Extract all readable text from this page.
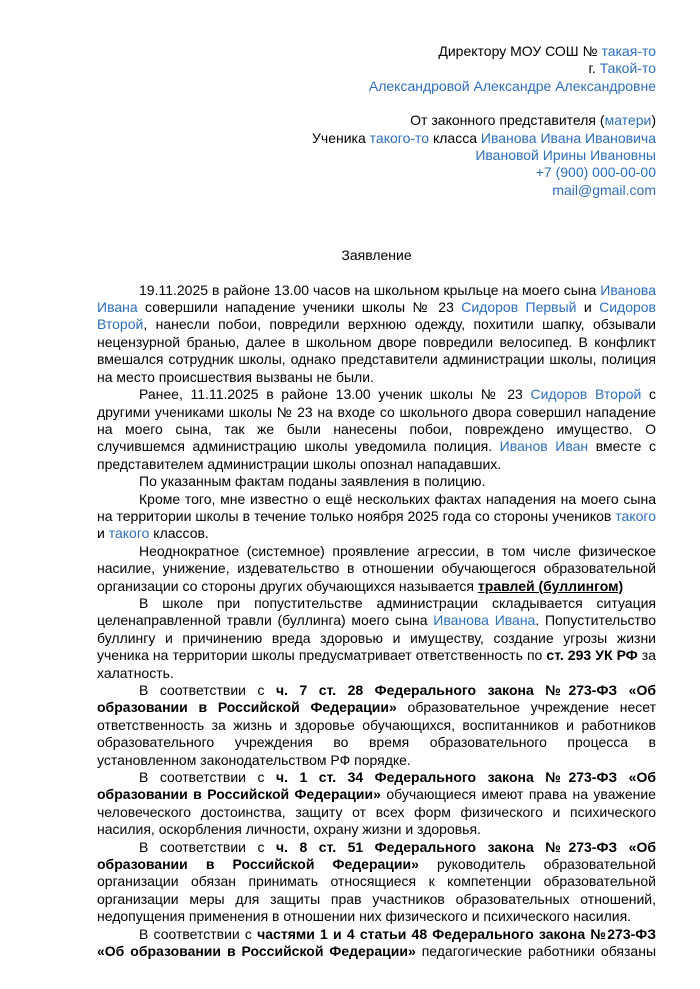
Директору МОУ СОШ № такая-то
г. Такой-то
Александровой Александре Александровне
От законного представителя (матери)
Ученика такого-то класса Иванова Ивана Ивановича
Ивановой Ирины Ивановны
+7 (900) 000-00-00
mail@gmail.com
Заявление

19.11.2025 в районе 13.00 часов на школьном крыльце на моего сына Иванова Ивана совершили нападение ученики школы № 23 Сидоров Первый и Сидоров Второй, нанесли побои, повредили верхнюю одежду, похитили шапку, обзывали нецензурной бранью, далее в школьном дворе повредили велосипед. В конфликт вмешался сотрудник школы, однако представители администрации школы, полиция на место происшествия вызваны не были.

Ранее, 11.11.2025 в районе 13.00 ученик школы № 23 Сидоров Второй с другими учениками школы № 23 на входе со школьного двора совершил нападение на моего сына, так же были нанесены побои, повреждено имущество. О случившемся администрацию школы уведомила полиция. Иванов Иван вместе с представителем администрации школы опознал нападавших.

По указанным фактам поданы заявления в полицию.

Кроме того, мне известно о ещё нескольких фактах нападения на моего сына на территории школы в течение только ноября 2025 года со стороны учеников такого и такого классов.

Неоднократное (системное) проявление агрессии, в том числе физическое насилие, унижение, издевательство в отношении обучающегося образовательной организации со стороны других обучающихся называется травлей (буллингом)

В школе при попустительстве администрации складывается ситуация целенаправленной травли (буллинга) моего сына Иванова Ивана. Попустительство буллингу и причинению вреда здоровью и имуществу, создание угрозы жизни ученика на территории школы предусматривает ответственность по ст. 293 УК РФ за халатность.

В соответствии с ч. 7 ст. 28 Федерального закона №273-ФЗ «Об образовании в Российской Федерации» образовательное учреждение несет ответственность за жизнь и здоровье обучающихся, воспитанников и работников образовательного учреждения во время образовательного процесса в установленном законодательством РФ порядке.

В соответствии с ч. 1 ст. 34 Федерального закона №273-ФЗ «Об образовании в Российской Федерации» обучающиеся имеют права на уважение человеческого достоинства, защиту от всех форм физического и психического насилия, оскорбления личности, охрану жизни и здоровья.

В соответствии с ч. 8 ст. 51 Федерального закона №273-ФЗ «Об образовании в Российской Федерации» руководитель образовательной организации обязан принимать относящиеся к компетенции образовательной организации меры для защиты прав участников образовательных отношений, недопущения применения в отношении них физического и психического насилия.

В соответствии с частями 1 и 4 статьи 48 Федерального закона №273-ФЗ «Об образовании в Российской Федерации» педагогические работники обязаны
